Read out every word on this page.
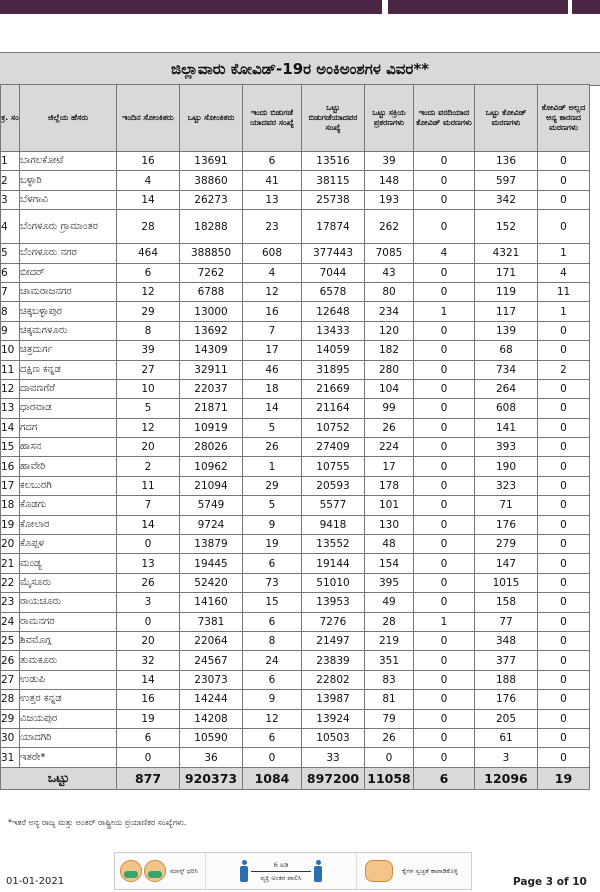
ಜಿಲ್ಲಾವಾರು ಕೋವಿಡ್-19ರ ಅಂಕಿಅಂಶಗಳ ವಿವರ**
ಕ್ರ. ಸಂ	ಜಿಲ್ಲೆಯ ಹೆಸರು	ಇಂದಿನ ಸೋಂಕಿತರು	ಒಟ್ಟು ಸೋಂಕಿತರು	ಇಂದು ಬಿಡುಗಡೆ ಯಾದವರ ಸಂಖ್ಯೆ	ಒಟ್ಟು ಬಿಡುಗಡೆಯಾದವರ ಸಂಖ್ಯೆ	ಒಟ್ಟು ಸಕ್ರಿಯ ಪ್ರಕರಣಗಳು	ಇಂದು ವರದಿಯಾದ ಕೋವಿಡ್ ಮರಣಗಳು	ಒಟ್ಟು ಕೋವಿಡ್ ಮರಣಗಳು	ಕೋವಿಡ್ ಅಲ್ಲದ ಅನ್ಯ ಕಾರಣದ ಮರಣಗಳು
1	ಬಾಗಲಕೋಟೆ	16	13691	6	13516	39	0	136	0
2	ಬಳ್ಳಾರಿ	4	38860	41	38115	148	0	597	0
3	ಬೆಳಗಾವಿ	14	26273	13	25738	193	0	342	0
4	ಬೆಂಗಳೂರು ಗ್ರಾಮಾಂತರ	28	18288	23	17874	262	0	152	0
5	ಬೆಂಗಳೂರು ನಗರ	464	388850	608	377443	7085	4	4321	1
6	ಬೀದರ್	6	7262	4	7044	43	0	171	4
7	ಚಾಮರಾಜನಗರ	12	6788	12	6578	80	0	119	11
8	ಚಿಕ್ಕಬಳ್ಳಾಪುರ	29	13000	16	12648	234	1	117	1
9	ಚಿಕ್ಕಮಗಳೂರು	8	13692	7	13433	120	0	139	0
10	ಚಿತ್ರದುರ್ಗ	39	14309	17	14059	182	0	68	0
11	ದಕ್ಷಿಣ ಕನ್ನಡ	27	32911	46	31895	280	0	734	2
12	ದಾವಣಗೆರೆ	10	22037	18	21669	104	0	264	0
13	ಧಾರವಾಡ	5	21871	14	21164	99	0	608	0
14	ಗದಗ	12	10919	5	10752	26	0	141	0
15	ಹಾಸನ	20	28026	26	27409	224	0	393	0
16	ಹಾವೇರಿ	2	10962	1	10755	17	0	190	0
17	ಕಲಬುರಗಿ	11	21094	29	20593	178	0	323	0
18	ಕೊಡಗು	7	5749	5	5577	101	0	71	0
19	ಕೋಲಾರ	14	9724	9	9418	130	0	176	0
20	ಕೊಪ್ಪಳ	0	13879	19	13552	48	0	279	0
21	ಮಂಡ್ಯ	13	19445	6	19144	154	0	147	0
22	ಮೈಸೂರು	26	52420	73	51010	395	0	1015	0
23	ರಾಯಚೂರು	3	14160	15	13953	49	0	158	0
24	ರಾಮನಗರ	0	7381	6	7276	28	1	77	0
25	ಶಿವಮೊಗ್ಗ	20	22064	8	21497	219	0	348	0
26	ತುಮಕೂರು	32	24567	24	23839	351	0	377	0
27	ಉಡುಪಿ	14	23073	6	22802	83	0	188	0
28	ಉತ್ತರ ಕನ್ನಡ	16	14244	9	13987	81	0	176	0
29	ವಿಜಯಪುರ	19	14208	12	13924	79	0	205	0
30	ಯಾದಗಿರಿ	6	10590	6	10503	26	0	61	0
31	ಇತರೇ*	0	36	0	33	0	0	3	0
ಒಟ್ಟು		877	920373	1084	897200	11058	6	12096	19
*ಇತರೆ ಅನ್ಯ ರಾಜ್ಯ ಮತ್ತು ಅಂತರ್ ರಾಷ್ಟ್ರೀಯ ಪ್ರಯಾಣಿಕರ ಸಂಖ್ಯೆಗಳು.
ಮಾಸ್ಕ್ ಧರಿಸಿ
6 ಅಡಿ
ವ್ಯಕ್ತಿ ಅಂತರ ಪಾಲಿಸಿ
ಕೈಗಳ ಸ್ವಚ್ಛತೆ ಕಾಪಾಡಿಕೊಳ್ಳಿ
01-01-2021	Page 3 of 10
